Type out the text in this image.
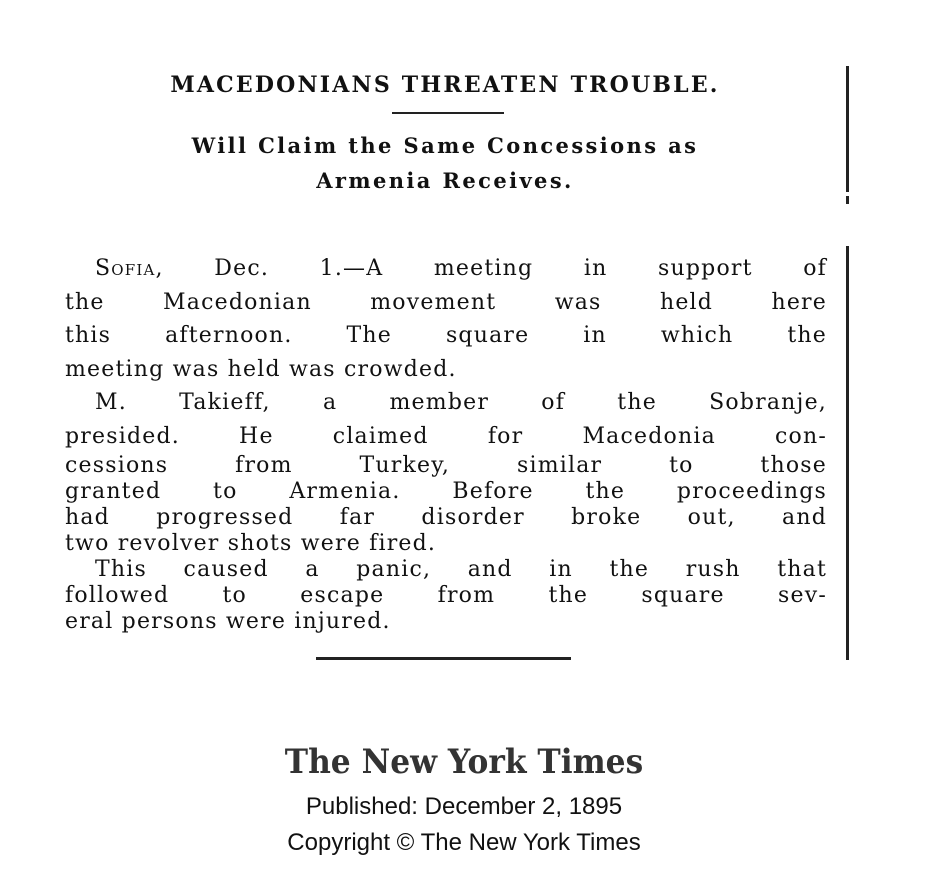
MACEDONIANS THREATEN TROUBLE.
Will Claim the Same Concessions as
Armenia Receives.
Sofia, Dec. 1.—A meeting in support of
the Macedonian movement was held here
this afternoon. The square in which the
meeting was held was crowded.
M. Takieff, a member of the Sobranje,
presided. He claimed for Macedonia con-
cessions from Turkey, similar to those
granted to Armenia. Before the proceedings
had progressed far disorder broke out, and
two revolver shots were fired.
This caused a panic, and in the rush that
followed to escape from the square sev-
eral persons were injured.
The New York Times
Published: December 2, 1895
Copyright © The New York Times
